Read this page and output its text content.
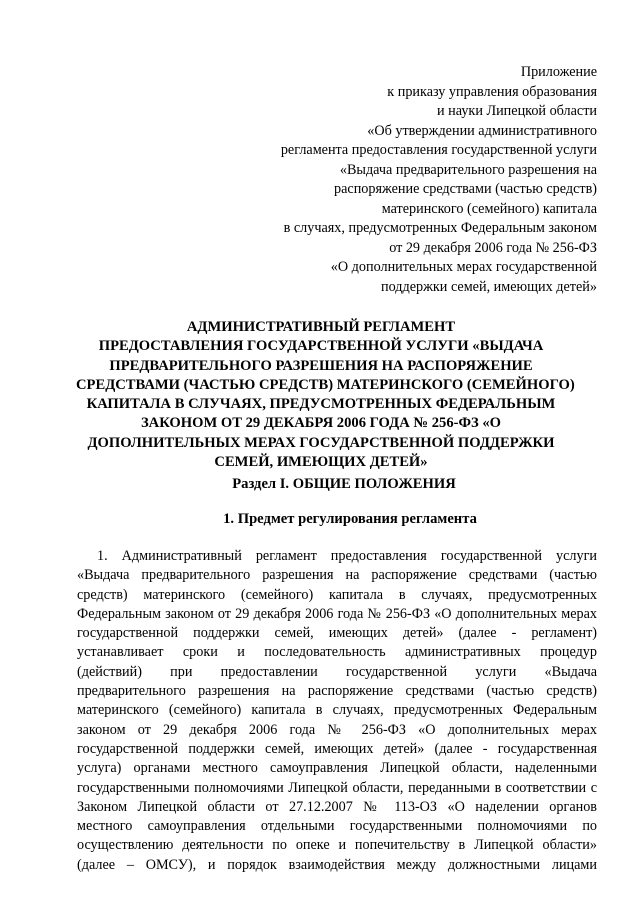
Приложение
к приказу управления образования
и науки Липецкой области
«Об утверждении административного
регламента предоставления государственной услуги
«Выдача предварительного разрешения на
распоряжение средствами (частью средств)
материнского (семейного) капитала
в случаях, предусмотренных Федеральным законом
от 29 декабря 2006 года № 256-ФЗ
«О дополнительных мерах государственной
поддержки семей, имеющих детей»
АДМИНИСТРАТИВНЫЙ РЕГЛАМЕНТ
ПРЕДОСТАВЛЕНИЯ ГОСУДАРСТВЕННОЙ УСЛУГИ «ВЫДАЧА
ПРЕДВАРИТЕЛЬНОГО РАЗРЕШЕНИЯ НА РАСПОРЯЖЕНИЕ
СРЕДСТВАМИ (ЧАСТЬЮ СРЕДСТВ) МАТЕРИНСКОГО (СЕМЕЙНОГО)
КАПИТАЛА В СЛУЧАЯХ, ПРЕДУСМОТРЕННЫХ ФЕДЕРАЛЬНЫМ
ЗАКОНОМ ОТ 29 ДЕКАБРЯ 2006 ГОДА № 256-ФЗ «О
ДОПОЛНИТЕЛЬНЫХ МЕРАХ ГОСУДАРСТВЕННОЙ ПОДДЕРЖКИ
СЕМЕЙ, ИМЕЮЩИХ ДЕТЕЙ»
Раздел I. ОБЩИЕ ПОЛОЖЕНИЯ
1. Предмет регулирования регламента
1. Административный регламент предоставления государственной услуги
«Выдача предварительного разрешения на распоряжение средствами (частью
средств) материнского (семейного) капитала в случаях, предусмотренных
Федеральным законом от 29 декабря 2006 года № 256-ФЗ «О дополнительных мерах
государственной поддержки семей, имеющих детей» (далее - регламент)
устанавливает сроки и последовательность административных процедур
(действий) при предоставлении государственной услуги «Выдача
предварительного разрешения на распоряжение средствами (частью средств)
материнского (семейного) капитала в случаях, предусмотренных Федеральным
законом от 29 декабря 2006 года № 256-ФЗ «О дополнительных мерах
государственной поддержки семей, имеющих детей» (далее - государственная
услуга) органами местного самоуправления Липецкой области, наделенными
государственными полномочиями Липецкой области, переданными в соответствии с
Законом Липецкой области от 27.12.2007 № 113-ОЗ «О наделении органов
местного самоуправления отдельными государственными полномочиями по
осуществлению деятельности по опеке и попечительству в Липецкой области»
(далее – ОМСУ), и порядок взаимодействия между должностными лицами
